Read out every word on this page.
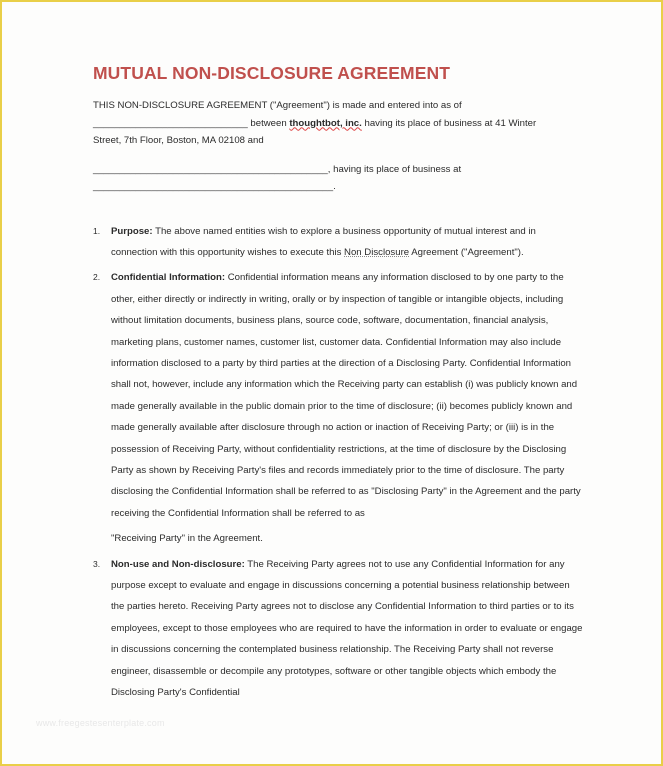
MUTUAL NON-DISCLOSURE AGREEMENT

THIS NON-DISCLOSURE AGREEMENT ("Agreement") is made and entered into as of
_____________________________ between thoughtbot, inc. having its place of business at 41 Winter
Street, 7th Floor, Boston, MA 02108 and

____________________________________________, having its place of business at
_____________________________________________.

1. Purpose: The above named entities wish to explore a business opportunity of mutual interest and in connection with this opportunity wishes to execute this Non Disclosure Agreement ("Agreement").
2. Confidential Information: Confidential information means any information disclosed to by one party to the other, either directly or indirectly in writing, orally or by inspection of tangible or intangible objects, including without limitation documents, business plans, source code, software, documentation, financial analysis, marketing plans, customer names, customer list, customer data. Confidential Information may also include information disclosed to a party by third parties at the direction of a Disclosing Party. Confidential Information shall not, however, include any information which the Receiving party can establish (i) was publicly known and made generally available in the public domain prior to the time of disclosure; (ii) becomes publicly known and made generally available after disclosure through no action or inaction of Receiving Party; or (iii) is in the possession of Receiving Party, without confidentiality restrictions, at the time of disclosure by the Disclosing Party as shown by Receiving Party's files and records immediately prior to the time of disclosure. The party disclosing the Confidential Information shall be referred to as "Disclosing Party" in the Agreement and the party receiving the Confidential Information shall be referred to as
"Receiving Party" in the Agreement.
3. Non-use and Non-disclosure: The Receiving Party agrees not to use any Confidential Information for any purpose except to evaluate and engage in discussions concerning a potential business relationship between the parties hereto. Receiving Party agrees not to disclose any Confidential Information to third parties or to its employees, except to those employees who are required to have the information in order to evaluate or engage in discussions concerning the contemplated business relationship. The Receiving Party shall not reverse engineer, disassemble or decompile any prototypes, software or other tangible objects which embody the Disclosing Party's Confidential
www.freegestesenterplate.com
